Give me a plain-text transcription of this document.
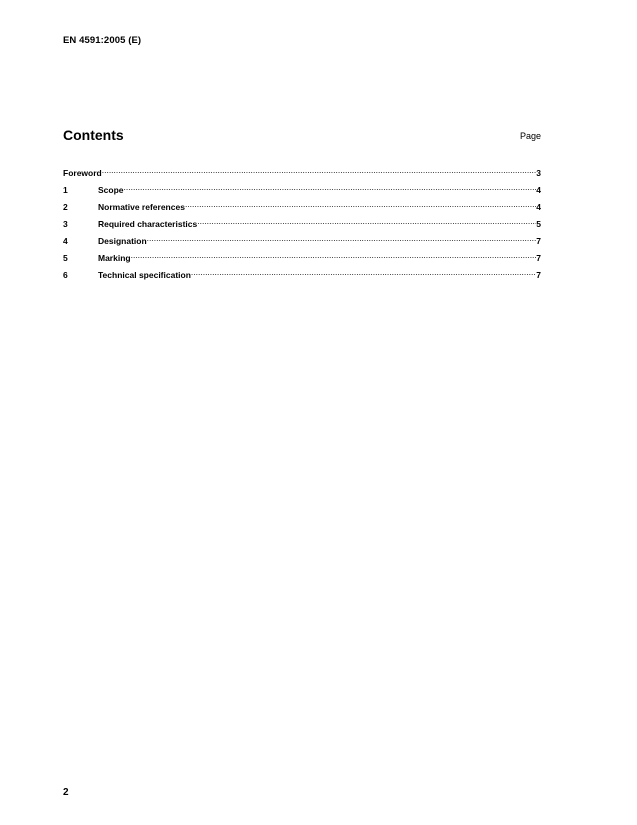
EN 4591:2005 (E)
Contents	Page
Foreword .....	3
1	Scope .....	4
2	Normative references .....	4
3	Required characteristics .....	5
4	Designation .....	7
5	Marking .....	7
6	Technical specification .....	7
2
